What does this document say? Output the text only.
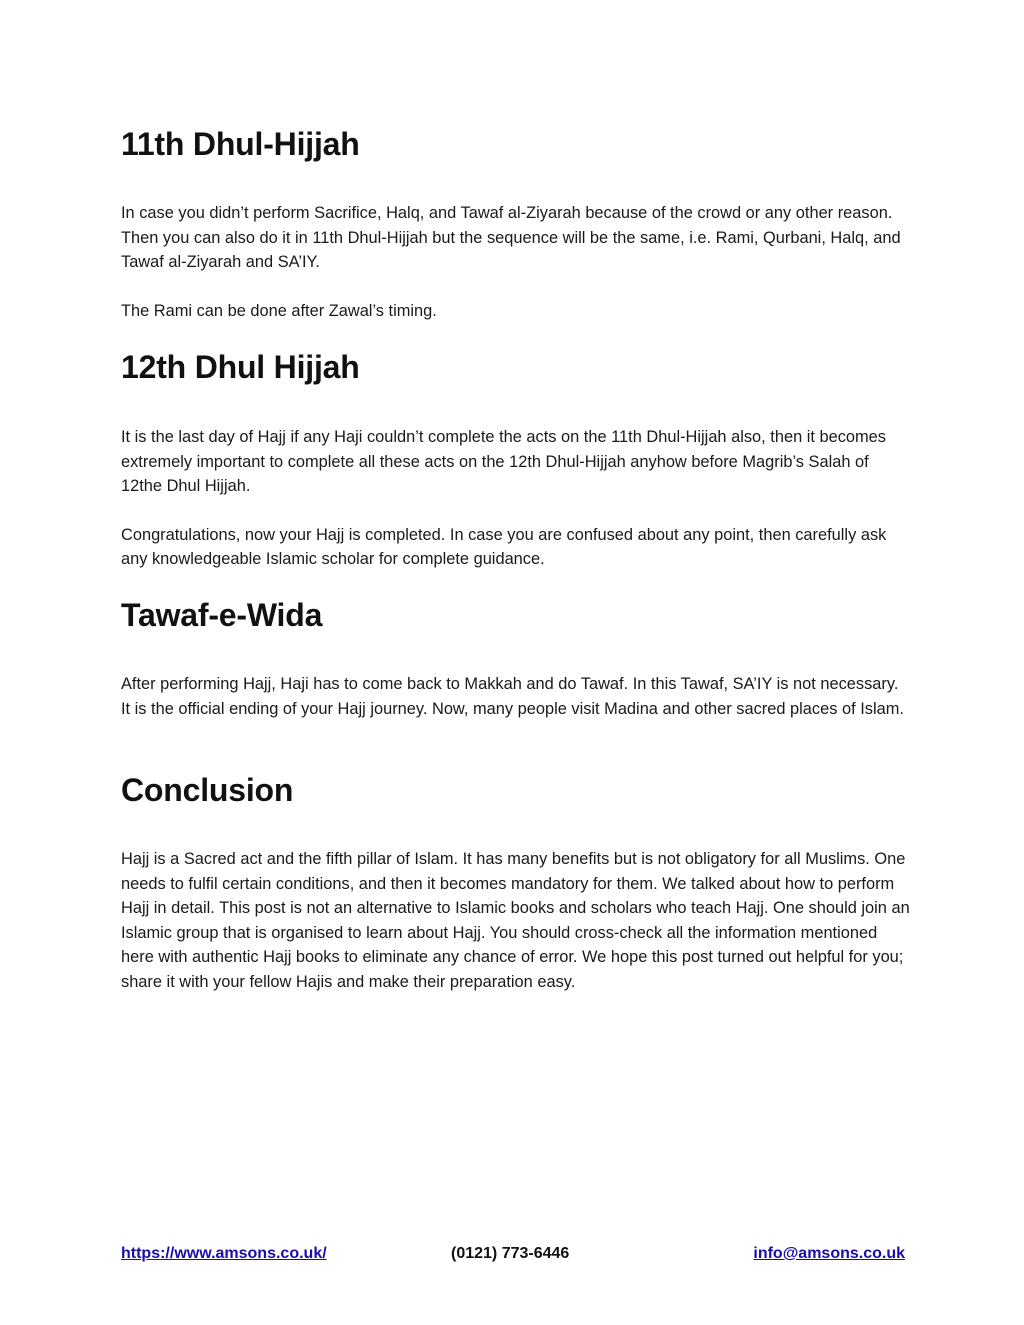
11th Dhul-Hijjah

In case you didn’t perform Sacrifice, Halq, and Tawaf al-Ziyarah because of the crowd or any other reason. Then you can also do it in 11th Dhul-Hijjah but the sequence will be the same, i.e. Rami, Qurbani, Halq, and Tawaf al-Ziyarah and SA’IY.

The Rami can be done after Zawal’s timing.

12th Dhul Hijjah

It is the last day of Hajj if any Haji couldn’t complete the acts on the 11th Dhul-Hijjah also, then it becomes extremely important to complete all these acts on the 12th Dhul-Hijjah anyhow before Magrib’s Salah of 12the Dhul Hijjah.

Congratulations, now your Hajj is completed. In case you are confused about any point, then carefully ask any knowledgeable Islamic scholar for complete guidance.

Tawaf-e-Wida

After performing Hajj, Haji has to come back to Makkah and do Tawaf. In this Tawaf, SA’IY is not necessary. It is the official ending of your Hajj journey. Now, many people visit Madina and other sacred places of Islam.

Conclusion

Hajj is a Sacred act and the fifth pillar of Islam. It has many benefits but is not obligatory for all Muslims. One needs to fulfil certain conditions, and then it becomes mandatory for them. We talked about how to perform Hajj in detail. This post is not an alternative to Islamic books and scholars who teach Hajj. One should join an Islamic group that is organised to learn about Hajj. You should cross-check all the information mentioned here with authentic Hajj books to eliminate any chance of error. We hope this post turned out helpful for you; share it with your fellow Hajis and make their preparation easy.

https://www.amsons.co.uk/	(0121) 773-6446	info@amsons.co.uk
